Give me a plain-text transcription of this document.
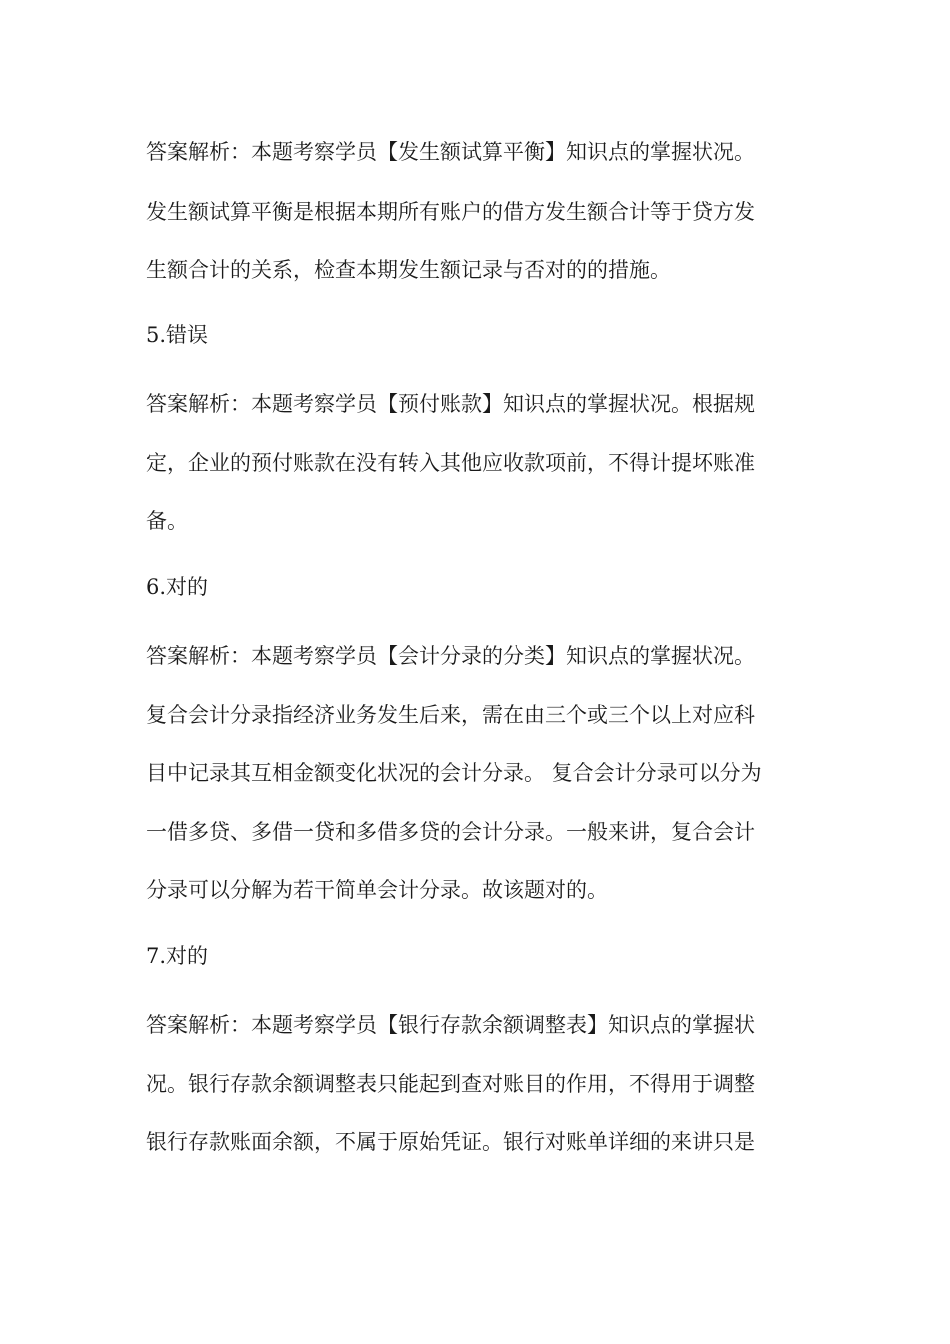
答案解析：本题考察学员【发生额试算平衡】知识点的掌握状况。
发生额试算平衡是根据本期所有账户的借方发生额合计等于贷方发
生额合计的关系，检查本期发生额记录与否对的的措施。
5.错误
答案解析：本题考察学员【预付账款】知识点的掌握状况。根据规
定，企业的预付账款在没有转入其他应收款项前，不得计提坏账准
备。
6.对的
答案解析：本题考察学员【会计分录的分类】知识点的掌握状况。
复合会计分录指经济业务发生后来，需在由三个或三个以上对应科
目中记录其互相金额变化状况的会计分录。 复合会计分录可以分为
一借多贷、多借一贷和多借多贷的会计分录。一般来讲，复合会计
分录可以分解为若干简单会计分录。故该题对的。
7.对的
答案解析：本题考察学员【银行存款余额调整表】知识点的掌握状
况。银行存款余额调整表只能起到查对账目的作用，不得用于调整
银行存款账面余额，不属于原始凭证。银行对账单详细的来讲只是
